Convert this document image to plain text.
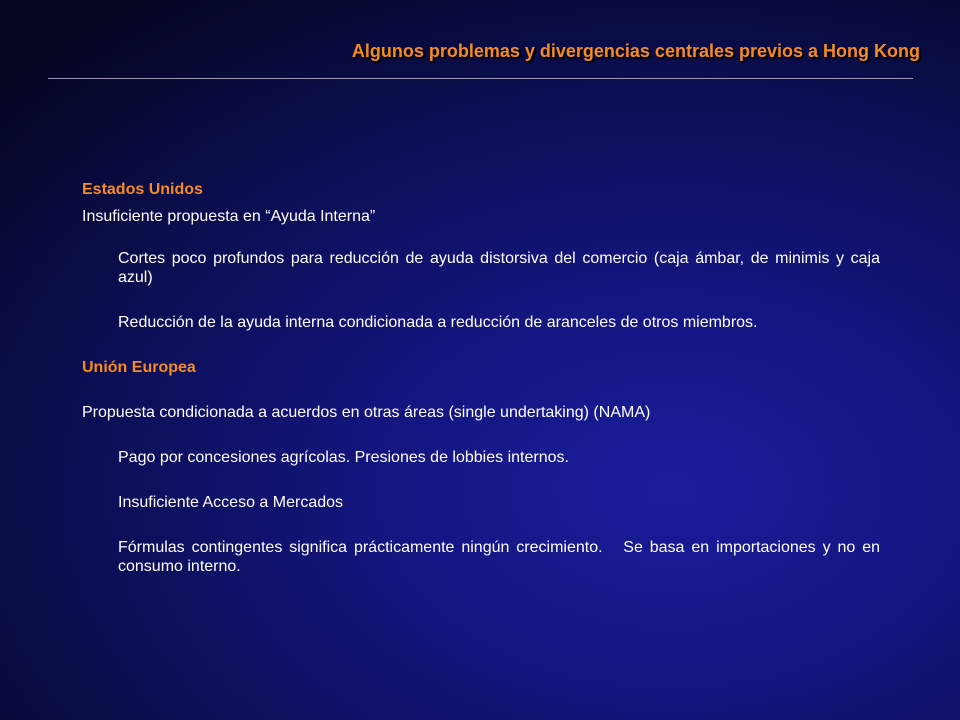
Algunos problemas y divergencias centrales previos a Hong Kong

Estados Unidos

Insuficiente propuesta en “Ayuda Interna”

Cortes poco profundos para reducción de ayuda distorsiva del comercio (caja ámbar, de minimis y caja azul)

Reducción de la ayuda interna condicionada a reducción de aranceles de otros miembros.

Unión Europea

Propuesta condicionada a acuerdos en otras áreas (single undertaking) (NAMA)

Pago por concesiones agrícolas. Presiones de lobbies internos.

Insuficiente Acceso a Mercados

Fórmulas contingentes significa prácticamente ningún crecimiento.   Se basa en importaciones y no en consumo interno.
